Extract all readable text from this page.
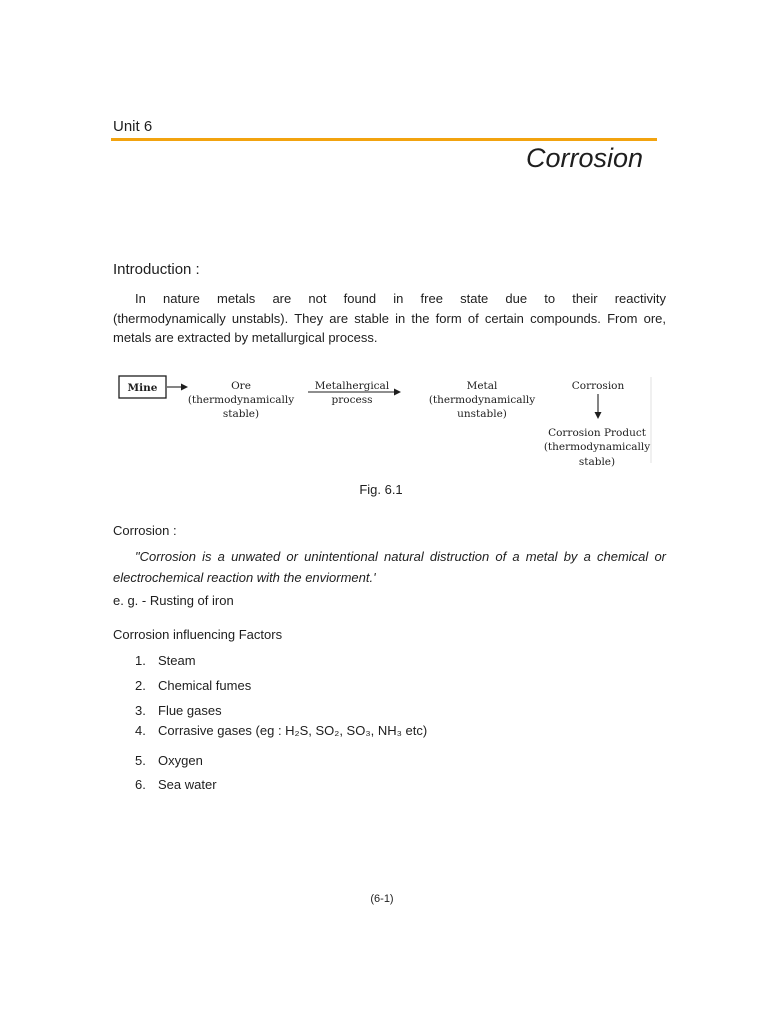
Unit 6
Corrosion
Introduction :
In nature metals are not found in free state due to their reactivity
(thermodynamically unstabls). They are stable in the form of certain compounds. From ore,
metals are extracted by metallurgical process.
Mine	Ore
(thermodynamically
stable)
Metalhergical
process
Metal
(thermodynamically
unstable)
Corrosion
Corrosion Product
(thermodynamically
stable)
Fig. 6.1
Corrosion :
"Corrosion is a unwated or unintentional natural distruction of a metal by a chemical or
electrochemical reaction with the enviorment.'
e. g. - Rusting of iron
Corrosion influencing Factors
1. Steam
2. Chemical fumes
3. Flue gases
4. Corrasive gases (eg : H₂S, SO₂, SO₃, NH₃ etc)
5. Oxygen
6. Sea water
(6-1)
